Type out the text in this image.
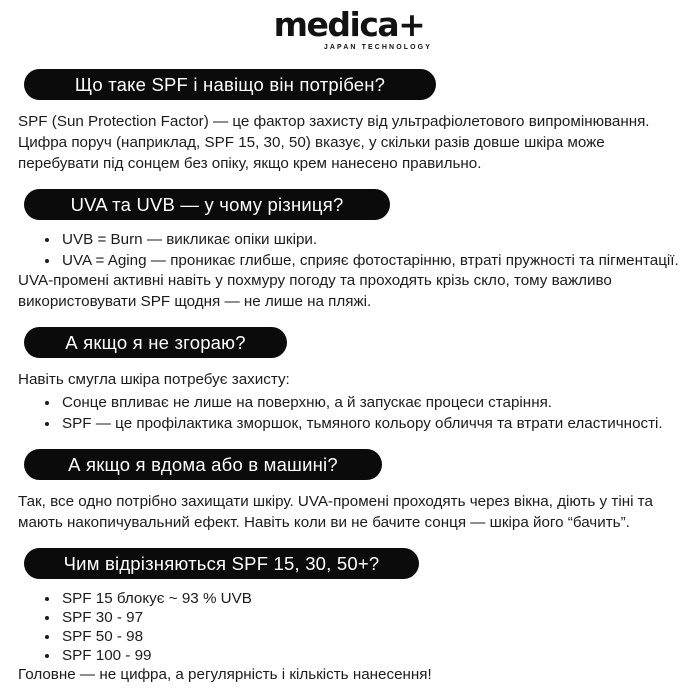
medica+
JAPAN TECHNOLOGY
Що таке SPF і навіщо він потрібен?

SPF (Sun Protection Factor) — це фактор захисту від ультрафіолетового випромінювання. Цифра поруч (наприклад, SPF 15, 30, 50) вказує, у скільки разів довше шкіра може перебувати під сонцем без опіку, якщо крем нанесено правильно.

UVA та UVB — у чому різниця?
• UVB = Burn — викликає опіки шкіри.
• UVA = Aging — проникає глибше, сприяє фотостарінню, втраті пружності та пігментації.

UVA-промені активні навіть у похмуру погоду та проходять крізь скло, тому важливо використовувати SPF щодня — не лише на пляжі.

А якщо я не згораю?

Навіть смугла шкіра потребує захисту:

• Сонце впливає не лише на поверхню, а й запускає процеси старіння.
• SPF — це профілактика зморшок, тьмяного кольору обличчя та втрати еластичності.
А якщо я вдома або в машині?

Так, все одно потрібно захищати шкіру. UVA-промені проходять через вікна, діють у тіні та мають накопичувальний ефект. Навіть коли ви не бачите сонця — шкіра його “бачить”.

Чим відрізняються SPF 15, 30, 50+?
• SPF 15 блокує ~ 93 % UVB
• SPF 30 - 97
• SPF 50 - 98
• SPF 100 - 99

Головне — не цифра, а регулярність і кількість нанесення!
